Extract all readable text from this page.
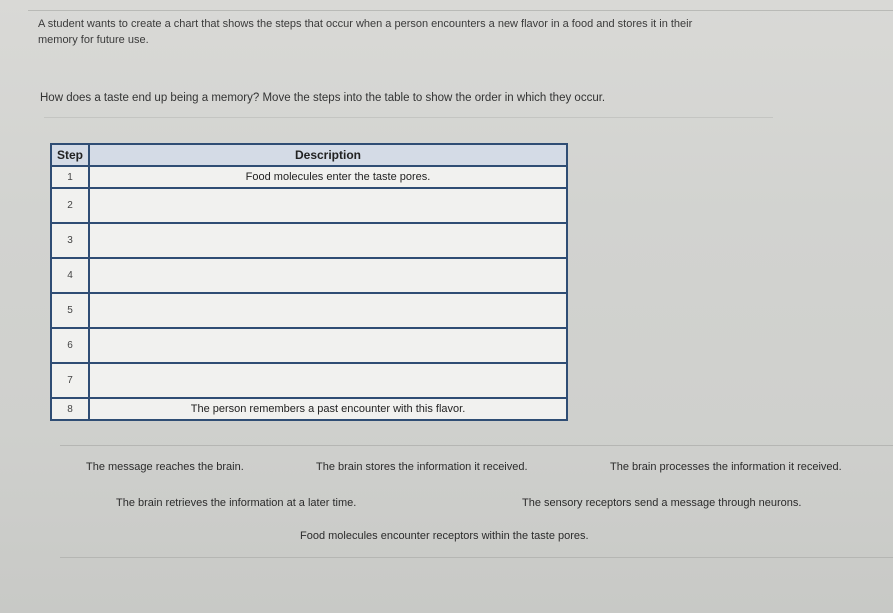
A student wants to create a chart that shows the steps that occur when a person encounters a new flavor in a food and stores it in their
memory for future use.
How does a taste end up being a memory? Move the steps into the table to show the order in which they occur.
Step	Description
1	Food molecules enter the taste pores.
2	
3	
4	
5	
6	
7	
8	The person remembers a past encounter with this flavor.
The message reaches the brain.	The brain stores the information it received.	The brain processes the information it received.
The brain retrieves the information at a later time.	The sensory receptors send a message through neurons.
Food molecules encounter receptors within the taste pores.
